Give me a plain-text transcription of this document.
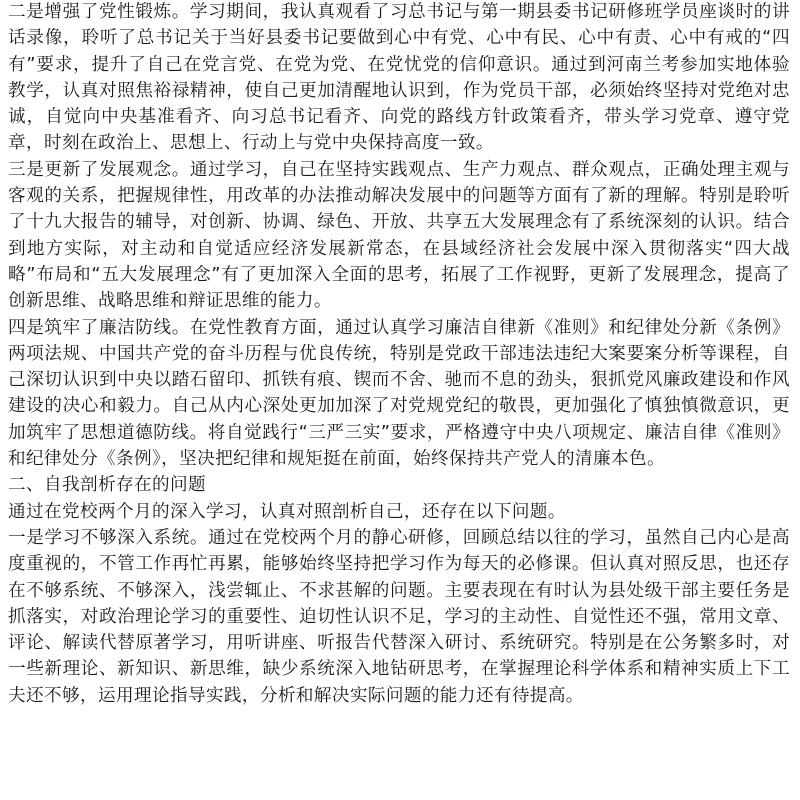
二是增强了党性锻炼。学习期间，我认真观看了习总书记与第一期县委书记研修班学员座谈时的讲话录像，聆听了总书记关于当好县委书记要做到心中有党、心中有民、心中有责、心中有戒的“四有”要求，提升了自己在党言党、在党为党、在党忧党的信仰意识。通过到河南兰考参加实地体验教学，认真对照焦裕禄精神，使自己更加清醒地认识到，作为党员干部，必须始终坚持对党绝对忠诚，自觉向中央基准看齐、向习总书记看齐、向党的路线方针政策看齐，带头学习党章、遵守党章，时刻在政治上、思想上、行动上与党中央保持高度一致。

三是更新了发展观念。通过学习，自己在坚持实践观点、生产力观点、群众观点，正确处理主观与客观的关系，把握规律性，用改革的办法推动解决发展中的问题等方面有了新的理解。特别是聆听了十九大报告的辅导，对创新、协调、绿色、开放、共享五大发展理念有了系统深刻的认识。结合到地方实际，对主动和自觉适应经济发展新常态，在县域经济社会发展中深入贯彻落实“四大战略”布局和“五大发展理念”有了更加深入全面的思考，拓展了工作视野，更新了发展理念，提高了创新思维、战略思维和辩证思维的能力。

四是筑牢了廉洁防线。在党性教育方面，通过认真学习廉洁自律新《准则》和纪律处分新《条例》两项法规、中国共产党的奋斗历程与优良传统，特别是党政干部违法违纪大案要案分析等课程，自己深切认识到中央以踏石留印、抓铁有痕、锲而不舍、驰而不息的劲头，狠抓党风廉政建设和作风建设的决心和毅力。自己从内心深处更加加深了对党规党纪的敬畏，更加强化了慎独慎微意识，更加筑牢了思想道德防线。将自觉践行“三严三实”要求，严格遵守中央八项规定、廉洁自律《准则》和纪律处分《条例》，坚决把纪律和规矩挺在前面，始终保持共产党人的清廉本色。

二、自我剖析存在的问题

通过在党校两个月的深入学习，认真对照剖析自己，还存在以下问题。

一是学习不够深入系统。通过在党校两个月的静心研修，回顾总结以往的学习，虽然自己内心是高度重视的，不管工作再忙再累，能够始终坚持把学习作为每天的必修课。但认真对照反思，也还存在不够系统、不够深入，浅尝辄止、不求甚解的问题。主要表现在有时认为县处级干部主要任务是抓落实，对政治理论学习的重要性、迫切性认识不足，学习的主动性、自觉性还不强，常用文章、评论、解读代替原著学习，用听讲座、听报告代替深入研讨、系统研究。特别是在公务繁多时，对一些新理论、新知识、新思维，缺少系统深入地钻研思考，在掌握理论科学体系和精神实质上下工夫还不够，运用理论指导实践，分析和解决实际问题的能力还有待提高。

▭ ▭ ▭
